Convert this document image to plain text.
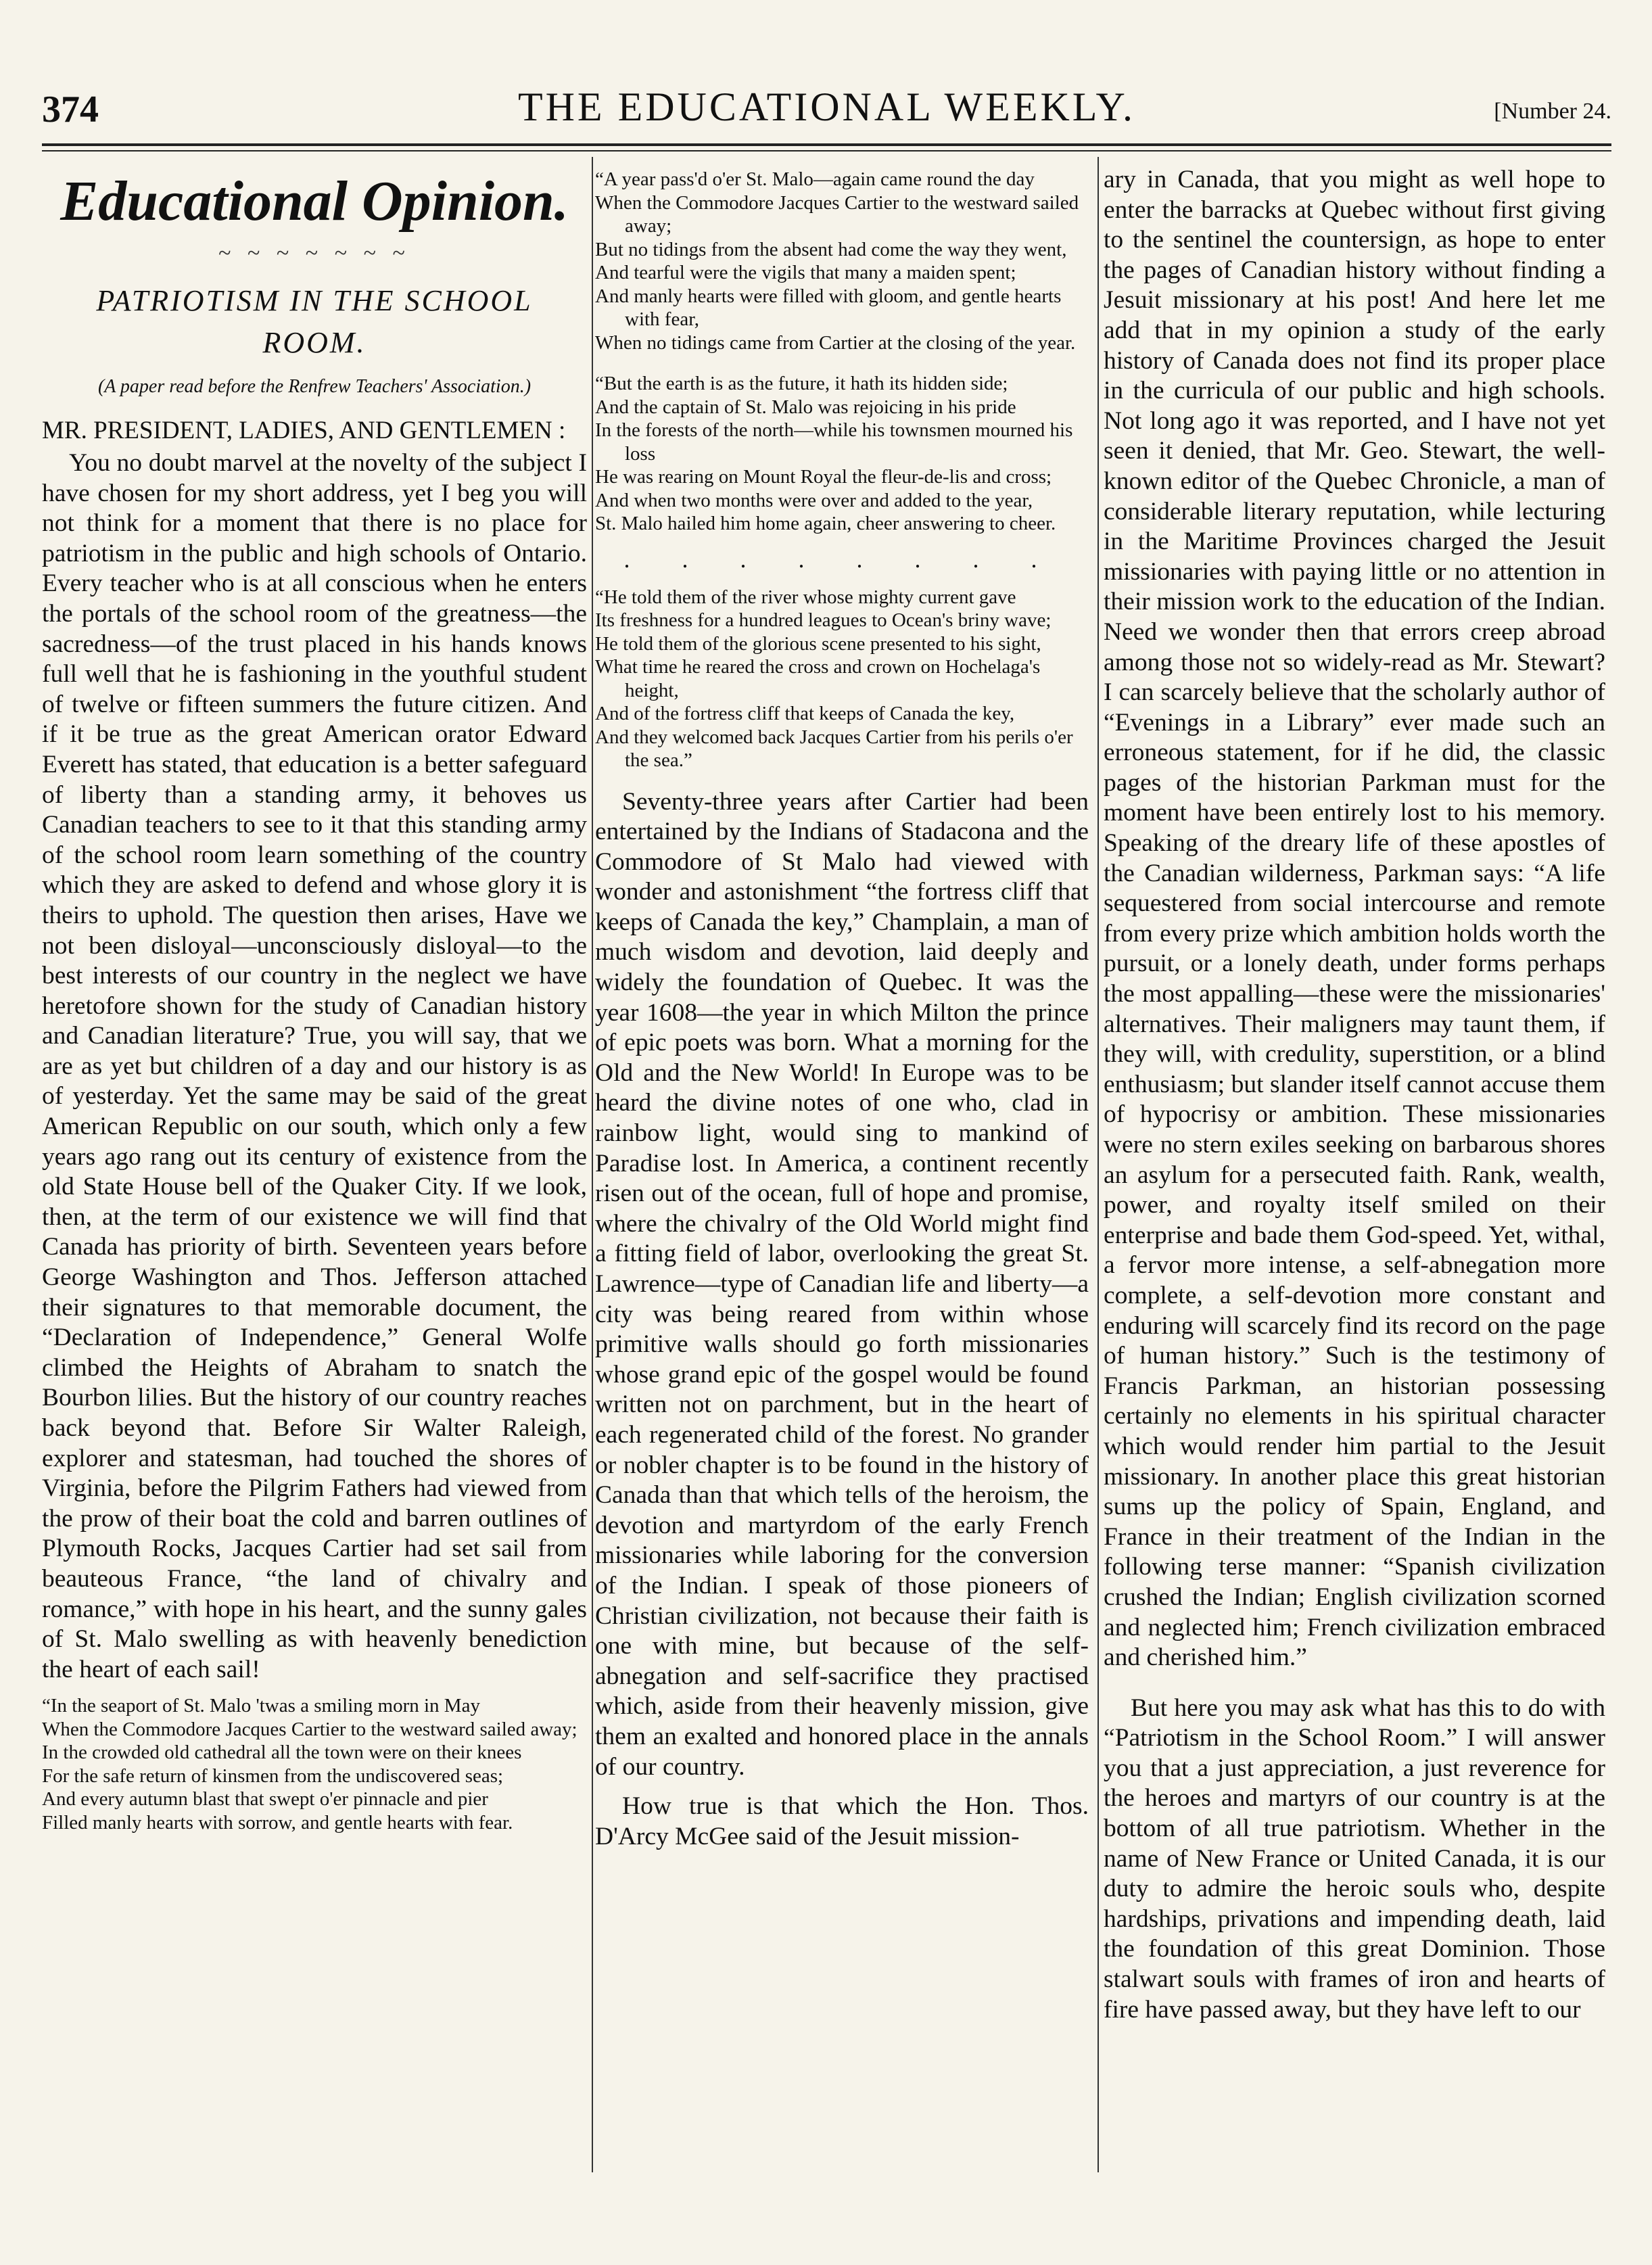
374	THE EDUCATIONAL WEEKLY.	[Number 24.
Educational Opinion.
~ ~ ~ ~ ~ ~ ~
PATRIOTISM IN THE SCHOOL ROOM.
(A paper read before the Renfrew Teachers' Association.)
MR. PRESIDENT, LADIES, AND GENTLEMEN :

You no doubt marvel at the novelty of the subject I have chosen for my short address, yet I beg you will not think for a moment that there is no place for patriotism in the public and high schools of Ontario. Every teacher who is at all conscious when he enters the portals of the school room of the greatness—the sacredness—of the trust placed in his hands knows full well that he is fashioning in the youthful student of twelve or fifteen summers the future citizen. And if it be true as the great American orator Edward Everett has stated, that education is a better safeguard of liberty than a standing army, it behoves us Canadian teachers to see to it that this standing army of the school room learn something of the country which they are asked to defend and whose glory it is theirs to uphold. The question then arises, Have we not been disloyal—unconsciously disloyal—to the best interests of our country in the neglect we have heretofore shown for the study of Canadian history and Canadian literature? True, you will say, that we are as yet but children of a day and our history is as of yesterday. Yet the same may be said of the great American Republic on our south, which only a few years ago rang out its century of existence from the old State House bell of the Quaker City. If we look, then, at the term of our existence we will find that Canada has priority of birth. Seventeen years before George Washington and Thos. Jefferson attached their signatures to that memorable document, the “Declaration of Independence,” General Wolfe climbed the Heights of Abraham to snatch the Bourbon lilies. But the history of our country reaches back beyond that. Before Sir Walter Raleigh, explorer and statesman, had touched the shores of Virginia, before the Pilgrim Fathers had viewed from the prow of their boat the cold and barren outlines of Plymouth Rocks, Jacques Cartier had set sail from beauteous France, “the land of chivalry and romance,” with hope in his heart, and the sunny gales of St. Malo swelling as with heavenly benediction the heart of each sail!

“In the seaport of St. Malo 'twas a smiling morn in May
When the Commodore Jacques Cartier to the westward sailed away;
In the crowded old cathedral all the town were on their knees
For the safe return of kinsmen from the undiscovered seas;
And every autumn blast that swept o'er pinnacle and pier
Filled manly hearts with sorrow, and gentle hearts with fear.
“A year pass'd o'er St. Malo—again came round the day
When the Commodore Jacques Cartier to the westward sailed away;
But no tidings from the absent had come the way they went,
And tearful were the vigils that many a maiden spent;
And manly hearts were filled with gloom, and gentle hearts with fear,
When no tidings came from Cartier at the closing of the year.
“But the earth is as the future, it hath its hidden side;
And the captain of St. Malo was rejoicing in his pride
In the forests of the north—while his townsmen mourned his loss
He was rearing on Mount Royal the fleur-de-lis and cross;
And when two months were over and added to the year,
St. Malo hailed him home again, cheer answering to cheer.
. . . . . . . .
“He told them of the river whose mighty current gave
Its freshness for a hundred leagues to Ocean's briny wave;
He told them of the glorious scene presented to his sight,
What time he reared the cross and crown on Hochelaga's height,
And of the fortress cliff that keeps of Canada the key,
And they welcomed back Jacques Cartier from his perils o'er the sea.”

Seventy-three years after Cartier had been entertained by the Indians of Stadacona and the Commodore of St Malo had viewed with wonder and astonishment “the fortress cliff that keeps of Canada the key,” Champlain, a man of much wisdom and devotion, laid deeply and widely the foundation of Quebec. It was the year 1608—the year in which Milton the prince of epic poets was born. What a morning for the Old and the New World! In Europe was to be heard the divine notes of one who, clad in rainbow light, would sing to mankind of Paradise lost. In America, a continent recently risen out of the ocean, full of hope and promise, where the chivalry of the Old World might find a fitting field of labor, overlooking the great St. Lawrence—type of Canadian life and liberty—a city was being reared from within whose primitive walls should go forth missionaries whose grand epic of the gospel would be found written not on parchment, but in the heart of each regenerated child of the forest. No grander or nobler chapter is to be found in the history of Canada than that which tells of the heroism, the devotion and martyrdom of the early French missionaries while laboring for the conversion of the Indian. I speak of those pioneers of Christian civilization, not because their faith is one with mine, but because of the self-abnegation and self-sacrifice they practised which, aside from their heavenly mission, give them an exalted and honored place in the annals of our country.

How true is that which the Hon. Thos. D'Arcy McGee said of the Jesuit mission-

ary in Canada, that you might as well hope to enter the barracks at Quebec without first giving to the sentinel the countersign, as hope to enter the pages of Canadian history without finding a Jesuit missionary at his post! And here let me add that in my opinion a study of the early history of Canada does not find its proper place in the curricula of our public and high schools. Not long ago it was reported, and I have not yet seen it denied, that Mr. Geo. Stewart, the well-known editor of the Quebec Chronicle, a man of considerable literary reputation, while lecturing in the Maritime Provinces charged the Jesuit missionaries with paying little or no attention in their mission work to the education of the Indian. Need we wonder then that errors creep abroad among those not so widely-read as Mr. Stewart? I can scarcely believe that the scholarly author of “Evenings in a Library” ever made such an erroneous statement, for if he did, the classic pages of the historian Parkman must for the moment have been entirely lost to his memory. Speaking of the dreary life of these apostles of the Canadian wilderness, Parkman says: “A life sequestered from social intercourse and remote from every prize which ambition holds worth the pursuit, or a lonely death, under forms perhaps the most appalling—these were the missionaries' alternatives. Their maligners may taunt them, if they will, with credulity, superstition, or a blind enthusiasm; but slander itself cannot accuse them of hypocrisy or ambition. These missionaries were no stern exiles seeking on barbarous shores an asylum for a persecuted faith. Rank, wealth, power, and royalty itself smiled on their enterprise and bade them God-speed. Yet, withal, a fervor more intense, a self-abnegation more complete, a self-devotion more constant and enduring will scarcely find its record on the page of human history.” Such is the testimony of Francis Parkman, an historian possessing certainly no elements in his spiritual character which would render him partial to the Jesuit missionary. In another place this great historian sums up the policy of Spain, England, and France in their treatment of the Indian in the following terse manner: “Spanish civilization crushed the Indian; English civilization scorned and neglected him; French civilization embraced and cherished him.”

But here you may ask what has this to do with “Patriotism in the School Room.” I will answer you that a just appreciation, a just reverence for the heroes and martyrs of our country is at the bottom of all true patriotism. Whether in the name of New France or United Canada, it is our duty to admire the heroic souls who, despite hardships, privations and impending death, laid the foundation of this great Dominion. Those stalwart souls with frames of iron and hearts of fire have passed away, but they have left to our
